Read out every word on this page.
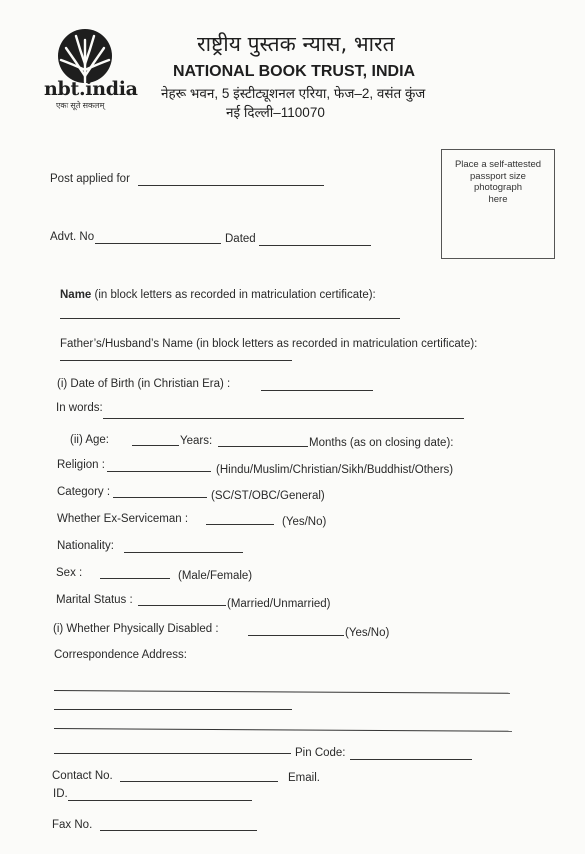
nbt.india
एकः सूते सकलम्
राष्ट्रीय पुस्तक न्यास, भारत
NATIONAL BOOK TRUST, INDIA
नेहरू भवन, 5 इंस्टीट्यूशनल एरिया, फेज–2, वसंत कुंज
नई दिल्ली–110070
Place a self-attested
passport size
photograph
here
Post applied for
Advt. No	Dated
Name (in block letters as recorded in matriculation certificate):
Father’s/Husband’s Name (in block letters as recorded in matriculation certificate):
(i) Date of Birth (in Christian Era) :
In words:
(ii) Age:	Years:	Months (as on closing date):
Religion :	(Hindu/Muslim/Christian/Sikh/Buddhist/Others)
Category :	(SC/ST/OBC/General)
Whether Ex-Serviceman :	(Yes/No)
Nationality:
Sex :	(Male/Female)
Marital Status :	(Married/Unmarried)
(i) Whether Physically Disabled :	(Yes/No)
Correspondence Address:
Pin Code:
Contact No.	Email.
ID.
Fax No.
